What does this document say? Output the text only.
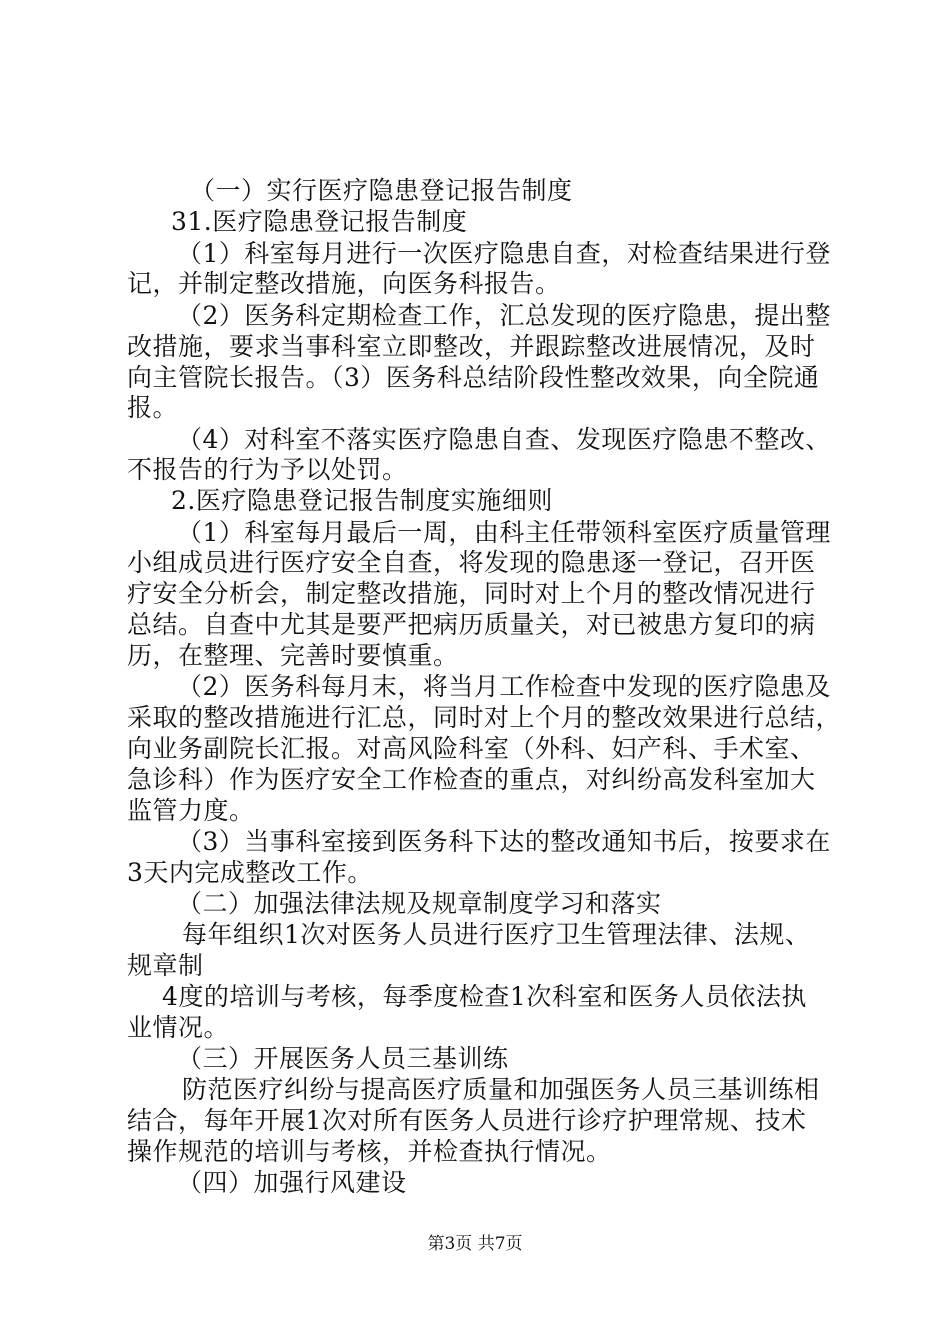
（一）实行医疗隐患登记报告制度
31.医疗隐患登记报告制度
（1）科室每月进行一次医疗隐患自查，对检查结果进行登
记，并制定整改措施，向医务科报告。
（2）医务科定期检查工作，汇总发现的医疗隐患，提出整
改措施，要求当事科室立即整改，并跟踪整改进展情况，及时
向主管院长报告。（3）医务科总结阶段性整改效果，向全院通
报。
（4）对科室不落实医疗隐患自查、发现医疗隐患不整改、
不报告的行为予以处罚。
2.医疗隐患登记报告制度实施细则
（1）科室每月最后一周，由科主任带领科室医疗质量管理
小组成员进行医疗安全自查，将发现的隐患逐一登记，召开医
疗安全分析会，制定整改措施，同时对上个月的整改情况进行
总结。自查中尤其是要严把病历质量关，对已被患方复印的病
历，在整理、完善时要慎重。
（2）医务科每月末，将当月工作检查中发现的医疗隐患及
采取的整改措施进行汇总，同时对上个月的整改效果进行总结，
向业务副院长汇报。对高风险科室（外科、妇产科、手术室、
急诊科）作为医疗安全工作检查的重点，对纠纷高发科室加大
监管力度。
（3）当事科室接到医务科下达的整改通知书后，按要求在
3天内完成整改工作。
（二）加强法律法规及规章制度学习和落实
每年组织1次对医务人员进行医疗卫生管理法律、法规、
规章制
4度的培训与考核，每季度检查1次科室和医务人员依法执
业情况。
（三）开展医务人员三基训练
防范医疗纠纷与提高医疗质量和加强医务人员三基训练相
结合，每年开展1次对所有医务人员进行诊疗护理常规、技术
操作规范的培训与考核，并检查执行情况。
（四）加强行风建设
第3页 共7页
